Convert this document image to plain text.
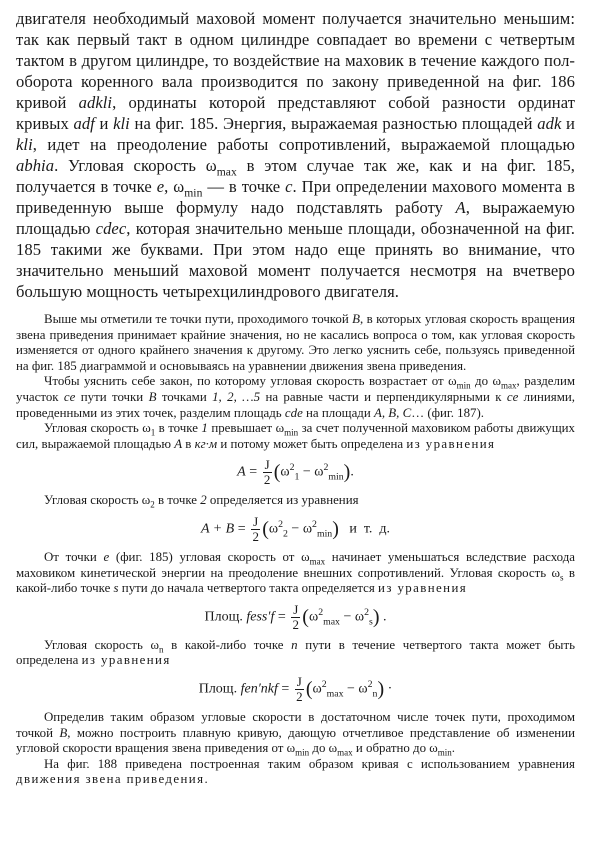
двигателя необходимый маховой момент получается значительно меньшим: так как первый такт в одном цилиндре совпадает во времени с четвертым тактом в другом цилиндре, то воздействие на маховик в течение каждого пол-оборота коренного вала производится по закону приведенной на фиг. 186 кривой adkli, ординаты которой представляют собой разности ординат кривых adf и kli на фиг. 185. Энергия, выражаемая разностью площадей adk и kli, идет на преодоление работы сопротивлений, выражаемой площадью abhia. Угловая скорость $\omega_{max}$ в этом случае так же, как и на фиг. 185, получается в точке e, $\omega_{min}$ — в точке c. При определении махового момента в приведенную выше формулу надо подставлять работу A, выражаемую площадью cdec, которая значительно меньше площади, обозначенной на фиг. 185 такими же буквами. При этом надо еще принять во внимание, что значительно меньший маховой момент получается несмотря на вчетверо большую мощность четырехцилиндрового двигателя.

Выше мы отметили те точки пути, проходимого точкой B, в которых угловая скорость вращения звена приведения принимает крайние значения, но не касались вопроса о том, как угловая скорость изменяется от одного крайнего значения к другому. Это легко уяснить себе, пользуясь приведенной на фиг. 185 диаграммой и основываясь на уравнении движения звена приведения.

Чтобы уяснить себе закон, по которому угловая скорость возрастает от $\omega_{min}$ до $\omega_{max}$, разделим участок ce пути точки B точками 1, 2, …5 на равные части и перпендикулярными к ce линиями, проведенными из этих точек, разделим площадь cde на площади A, B, C… (фиг. 187).

Угловая скорость $\omega_1$ в точке 1 превышает $\omega_{min}$ за счет полученной маховиком работы движущих сил, выражаемой площадью A в кг·м и потому может быть определена из уравнения

$A = \frac{J}{2} (\omega^2_1 - \omega^2_{min})$.

Угловая скорость $\omega_2$ в точке 2 определяется из уравнения

$A + B = \frac{J}{2} (\omega^2_2 - \omega^2_{min})$   и  т.  д.

От точки e (фиг. 185) угловая скорость от $\omega_{max}$ начинает уменьшаться вследствие расхода маховиком кинетической энергии на преодоление внешних сопротивлений. Угловая скорость $\omega_s$ в какой-либо точке s пути до начала четвертого такта определяется из уравнения

Площ. fess′f = $\frac{J}{2} (\omega^2_{max} - \omega^2_s)$ .

Угловая скорость $\omega_n$ в какой-либо точке n пути в течение четвертого такта может быть определена из уравнения

Площ. $fen'nkf = \frac{J}{2} (\omega^2_{max} - \omega^2_n)$ ·

Определив таким образом угловые скорости в достаточном числе точек пути, проходимом точкой B, можно построить плавную кривую, дающую отчетливое представление об изменении угловой скорости вращения звена приведения от $\omega_{min}$ до $\omega_{max}$ и обратно до $\omega_{min}$.

На фиг. 188 приведена построенная таким образом кривая с использованием уравнения движения звена приведения.
